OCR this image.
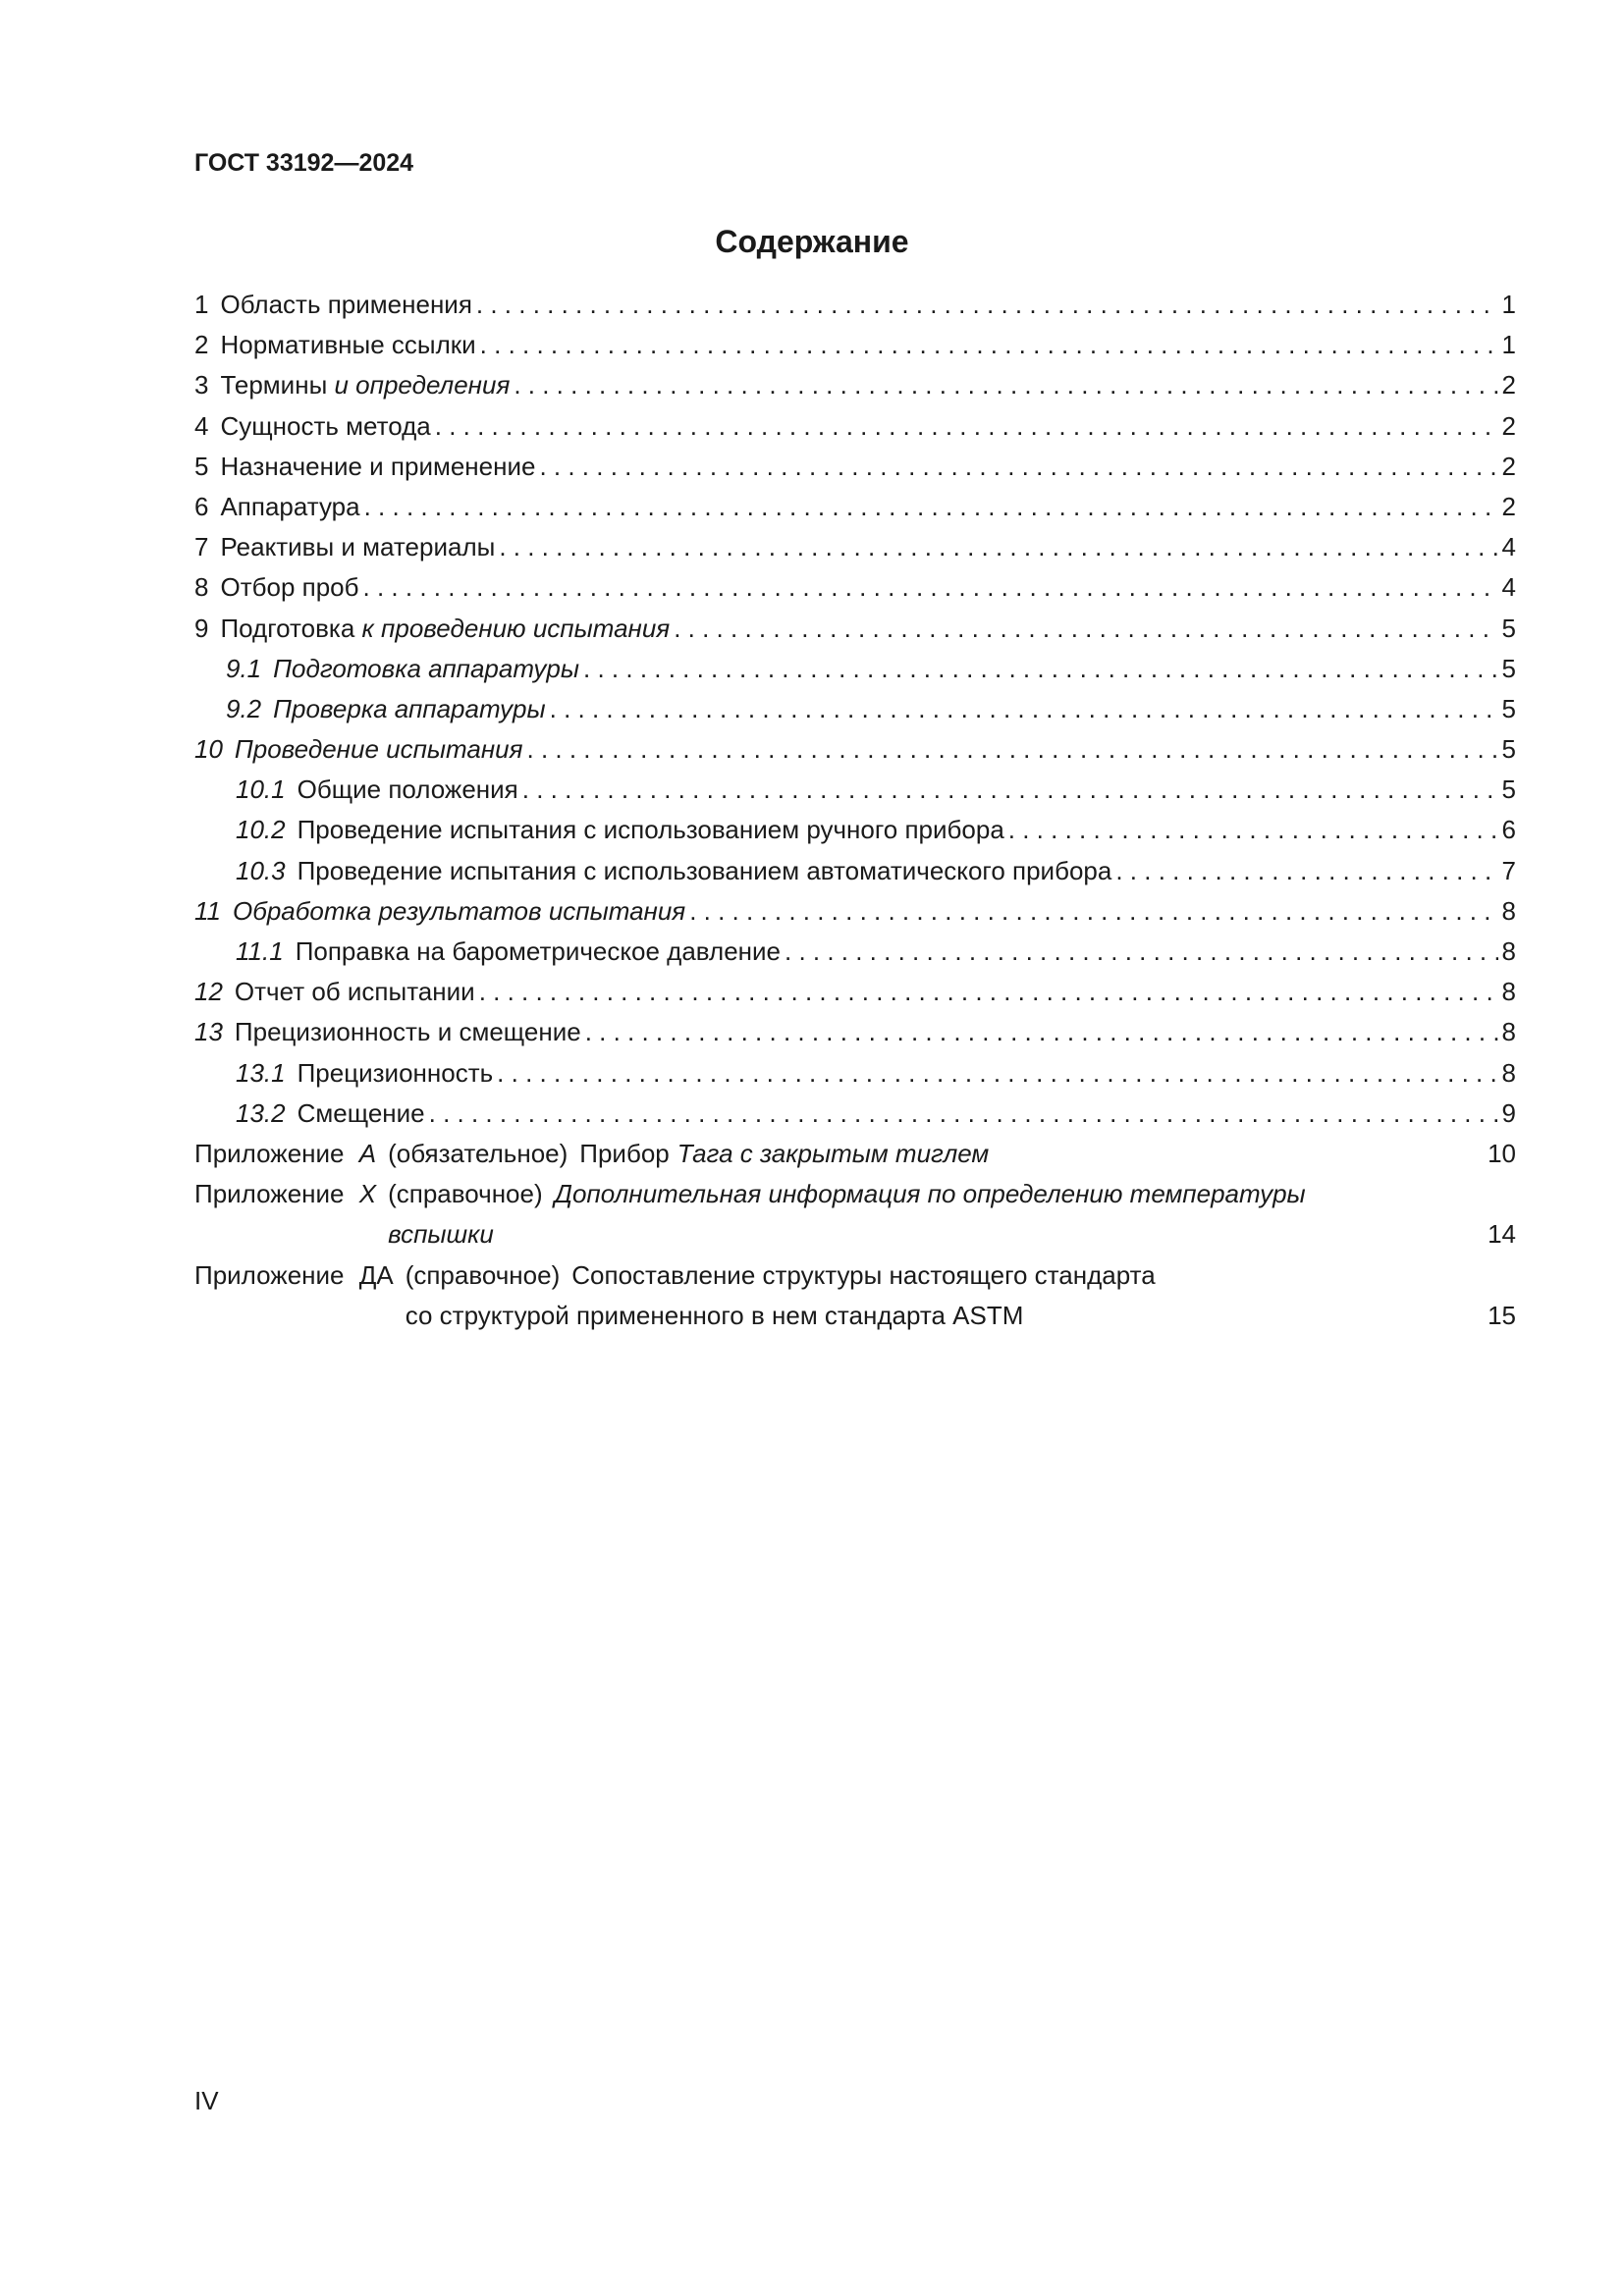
ГОСТ 33192—2024
Содержание
1 Область применения . . .	1
2 Нормативные ссылки . . .	1
3 Термины и определения . . .	2
4 Сущность метода . . .	2
5 Назначение и применение . . .	2
6 Аппаратура . . .	2
7 Реактивы и материалы . . .	4
8 Отбор проб . . .	4
9 Подготовка к проведению испытания . . .	5
9.1 Подготовка аппаратуры . . .	5
9.2 Проверка аппаратуры . . .	5
10 Проведение испытания . . .	5
10.1 Общие положения . . .	5
10.2 Проведение испытания с использованием ручного прибора . . .	6
10.3 Проведение испытания с использованием автоматического прибора . . .	7
11 Обработка результатов испытания . . .	8
11.1 Поправка на барометрическое давление . . .	8
12 Отчет об испытании . . .	8
13 Прецизионность и смещение . . .	8
13.1 Прецизионность . . .	8
13.2 Смещение . . .	9
Приложение А (обязательное) Прибор Тага с закрытым тиглем	10
Приложение X (справочное) Дополнительная информация по определению температуры
вспышки	14
Приложение ДА (справочное) Сопоставление структуры настоящего стандарта
со структурой примененного в нем стандарта ASTM	15
IV
